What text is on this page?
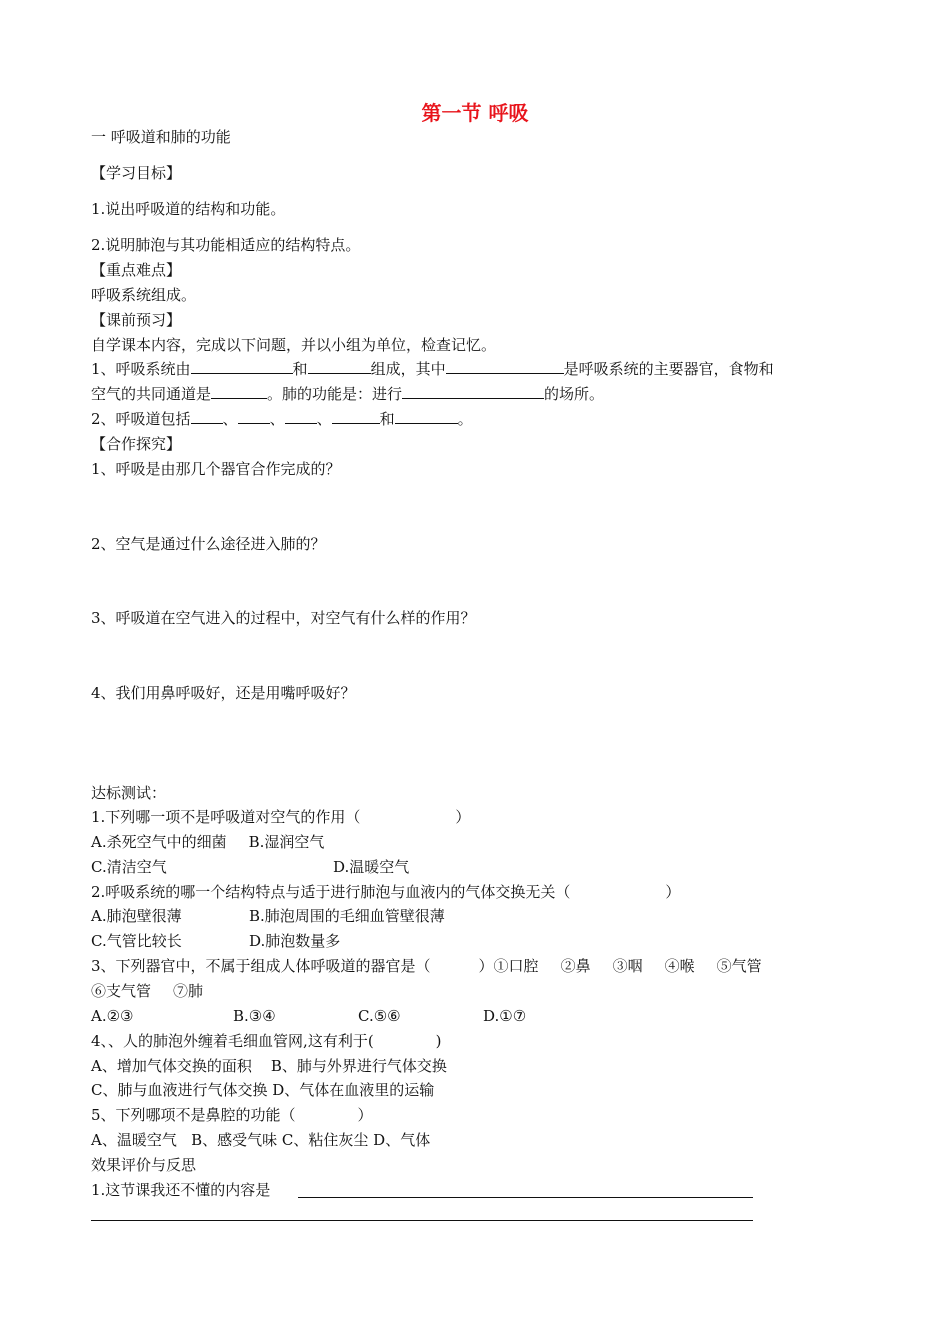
第一节 呼吸
一 呼吸道和肺的功能
【学习目标】
1.说出呼吸道的结构和功能。
2.说明肺泡与其功能相适应的结构特点。
【重点难点】
呼吸系统组成。
【课前预习】
自学课本内容，完成以下问题，并以小组为单位，检查记忆。
1、呼吸系统由	和	组成，其中	是呼吸系统的主要器官，食物和
空气的共同通道是	。肺的功能是：进行	的场所。
2、呼吸道包括 、 、 、	和	。
【合作探究】
1、呼吸是由那几个器官合作完成的？
2、空气是通过什么途径进入肺的？
3、呼吸道在空气进入的过程中，对空气有什么样的作用？
4、我们用鼻呼吸好，还是用嘴呼吸好？
达标测试：
1.下列哪一项不是呼吸道对空气的作用（	）
A.杀死空气中的细菌 B.湿润空气
C.清洁空气	D.温暖空气
2.呼吸系统的哪一个结构特点与适于进行肺泡与血液内的气体交换无关（	）
A.肺泡壁很薄	B.肺泡周围的毛细血管壁很薄
C.气管比较长	D.肺泡数量多
3、下列器官中，不属于组成人体呼吸道的器官是（	）①口腔 ②鼻 ③咽 ④喉 ⑤气管
⑥支气管 ⑦肺
A.②③	B.③④	C.⑤⑥	D.①⑦
4、、人的肺泡外缠着毛细血管网,这有利于(	)
A、增加气体交换的面积    B、肺与外界进行气体交换
C、肺与血液进行气体交换 D、气体在血液里的运输
5、下列哪项不是鼻腔的功能（	）
A、温暖空气   B、感受气味 C、粘住灰尘 D、气体
效果评价与反思
1.这节课我还不懂的内容是
